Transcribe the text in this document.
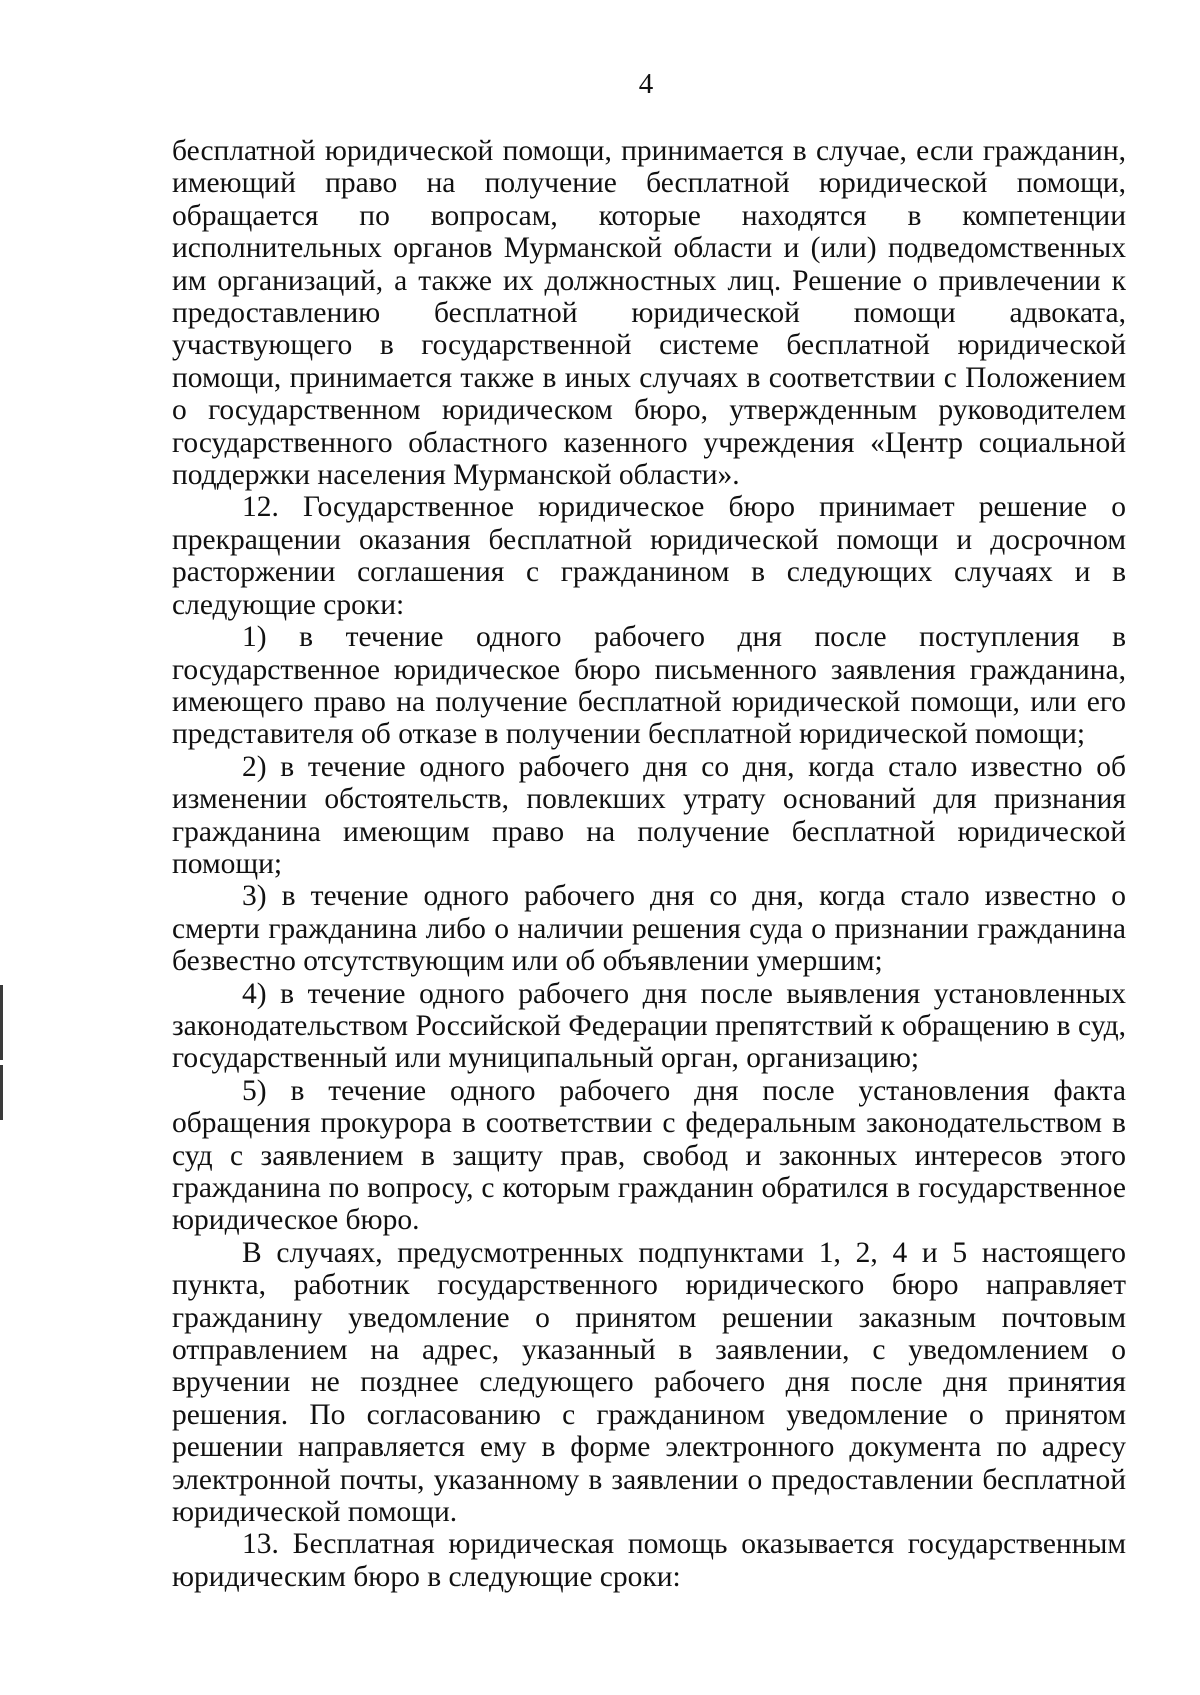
4

бесплатной юридической помощи, принимается в случае, если гражданин, имеющий право на получение бесплатной юридической помощи, обращается по вопросам, которые находятся в компетенции исполнительных органов Мурманской области и (или) подведомственных им организаций, а также их должностных лиц. Решение о привлечении к предоставлению бесплатной юридической помощи адвоката, участвующего в государственной системе бесплатной юридической помощи, принимается также в иных случаях в соответствии с Положением о государственном юридическом бюро, утвержденным руководителем государственного областного казенного учреждения «Центр социальной поддержки населения Мурманской области».

12. Государственное юридическое бюро принимает решение о прекращении оказания бесплатной юридической помощи и досрочном расторжении соглашения с гражданином в следующих случаях и в следующие сроки:

1) в течение одного рабочего дня после поступления в государственное юридическое бюро письменного заявления гражданина, имеющего право на получение бесплатной юридической помощи, или его представителя об отказе в получении бесплатной юридической помощи;

2) в течение одного рабочего дня со дня, когда стало известно об изменении обстоятельств, повлекших утрату оснований для признания гражданина имеющим право на получение бесплатной юридической помощи;

3) в течение одного рабочего дня со дня, когда стало известно о смерти гражданина либо о наличии решения суда о признании гражданина безвестно отсутствующим или об объявлении умершим;

4) в течение одного рабочего дня после выявления установленных законодательством Российской Федерации препятствий к обращению в суд, государственный или муниципальный орган, организацию;

5) в течение одного рабочего дня после установления факта обращения прокурора в соответствии с федеральным законодательством в суд с заявлением в защиту прав, свобод и законных интересов этого гражданина по вопросу, с которым гражданин обратился в государственное юридическое бюро.

В случаях, предусмотренных подпунктами 1, 2, 4 и 5 настоящего пункта, работник государственного юридического бюро направляет гражданину уведомление о принятом решении заказным почтовым отправлением на адрес, указанный в заявлении, с уведомлением о вручении не позднее следующего рабочего дня после дня принятия решения. По согласованию с гражданином уведомление о принятом решении направляется ему в форме электронного документа по адресу электронной почты, указанному в заявлении о предоставлении бесплатной юридической помощи.

13. Бесплатная юридическая помощь оказывается государственным юридическим бюро в следующие сроки:
